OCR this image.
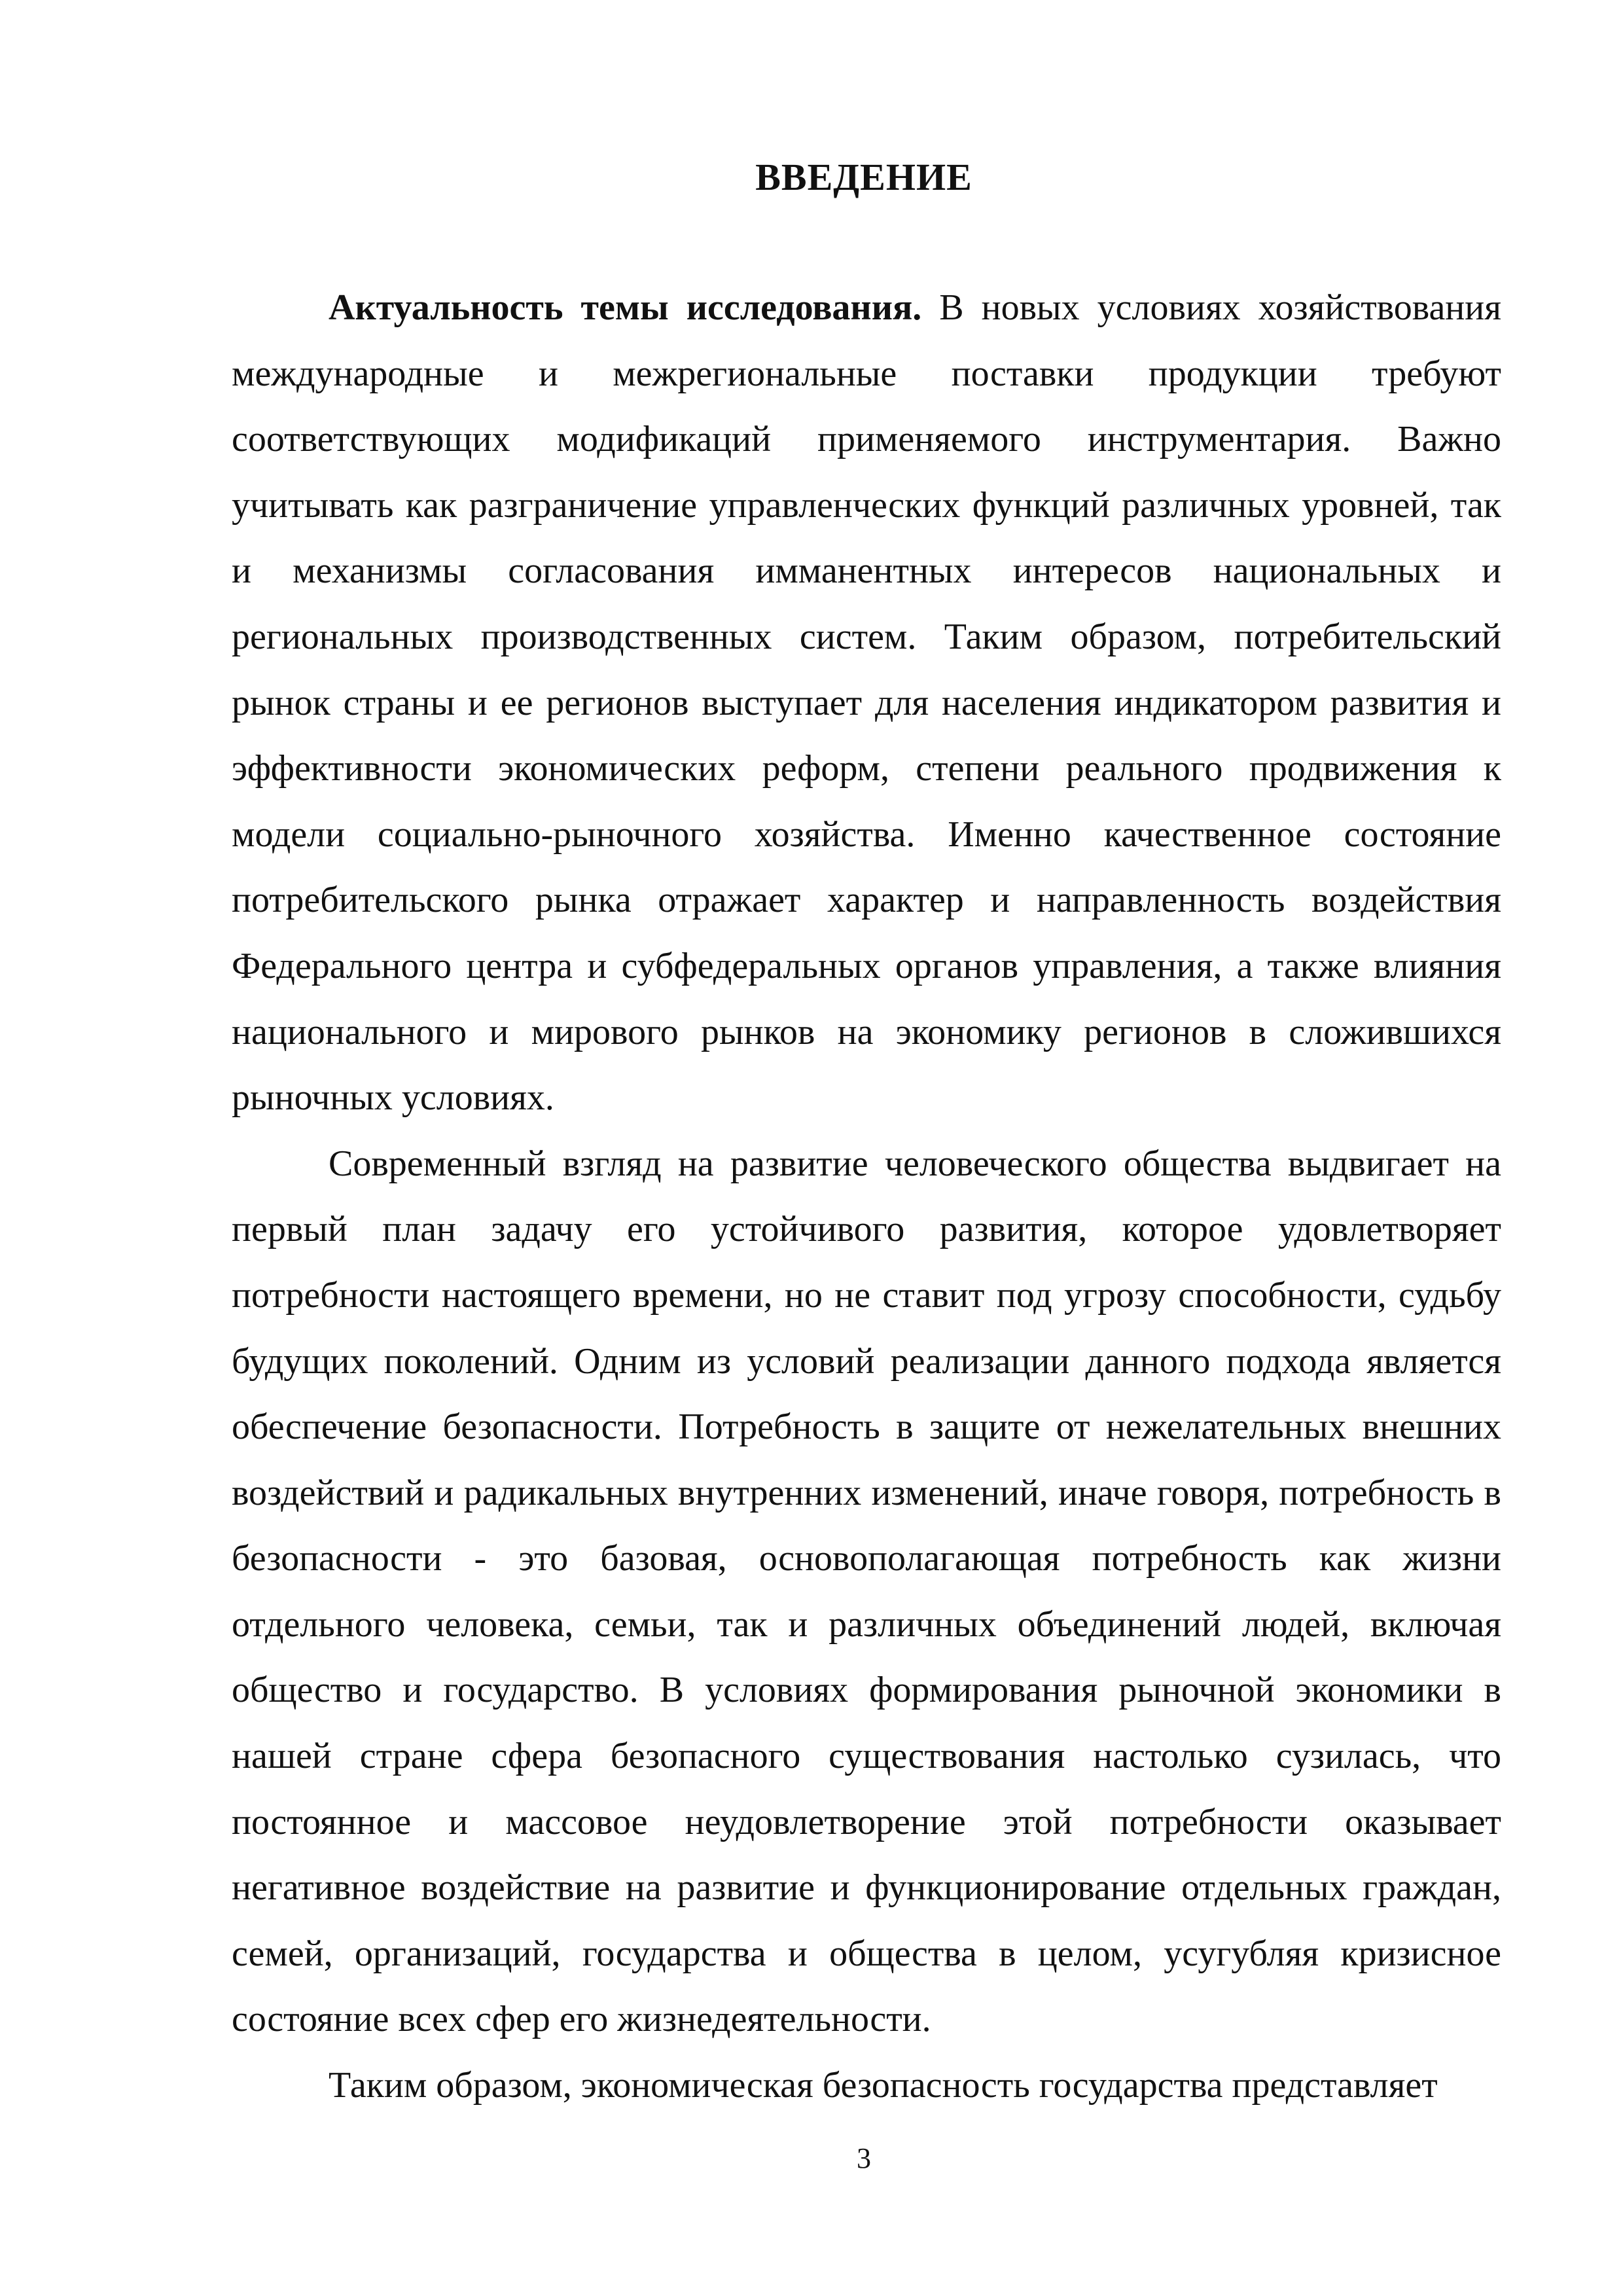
ВВЕДЕНИЕ

Актуальность темы исследования. В новых условиях хозяйствования международные и межрегиональные поставки продукции требуют соответствующих модификаций применяемого инструментария. Важно учитывать как разграничение управленческих функций различных уровней, так и механизмы согласования имманентных интересов национальных и региональных производственных систем. Таким образом, потребительский рынок страны и ее регионов выступает для населения индикатором развития и эффективности экономических реформ, степени реального продвижения к модели социально-рыночного хозяйства. Именно качественное состояние потребительского рынка отражает характер и направленность воздействия Федерального центра и субфедеральных органов управления, а также влияния национального и мирового рынков на экономику регионов в сложившихся рыночных условиях.

Современный взгляд на развитие человеческого общества выдвигает на первый план задачу его устойчивого развития, которое удовлетворяет потребности настоящего времени, но не ставит под угрозу способности, судьбу будущих поколений. Одним из условий реализации данного подхода является обеспечение безопасности. Потребность в защите от нежелательных внешних воздействий и радикальных внутренних изменений, иначе говоря, потребность в безопасности - это базовая, основополагающая потребность как жизни отдельного человека, семьи, так и различных объединений людей, включая общество и государство. В условиях формирования рыночной экономики в нашей стране сфера безопасного существования настолько сузилась, что постоянное и массовое неудовлетворение этой потребности оказывает негативное воздействие на развитие и функционирование отдельных граждан, семей, организаций, государства и общества в целом, усугубляя кризисное состояние всех сфер его жизнедеятельности.

Таким образом, экономическая безопасность государства представляет

3
